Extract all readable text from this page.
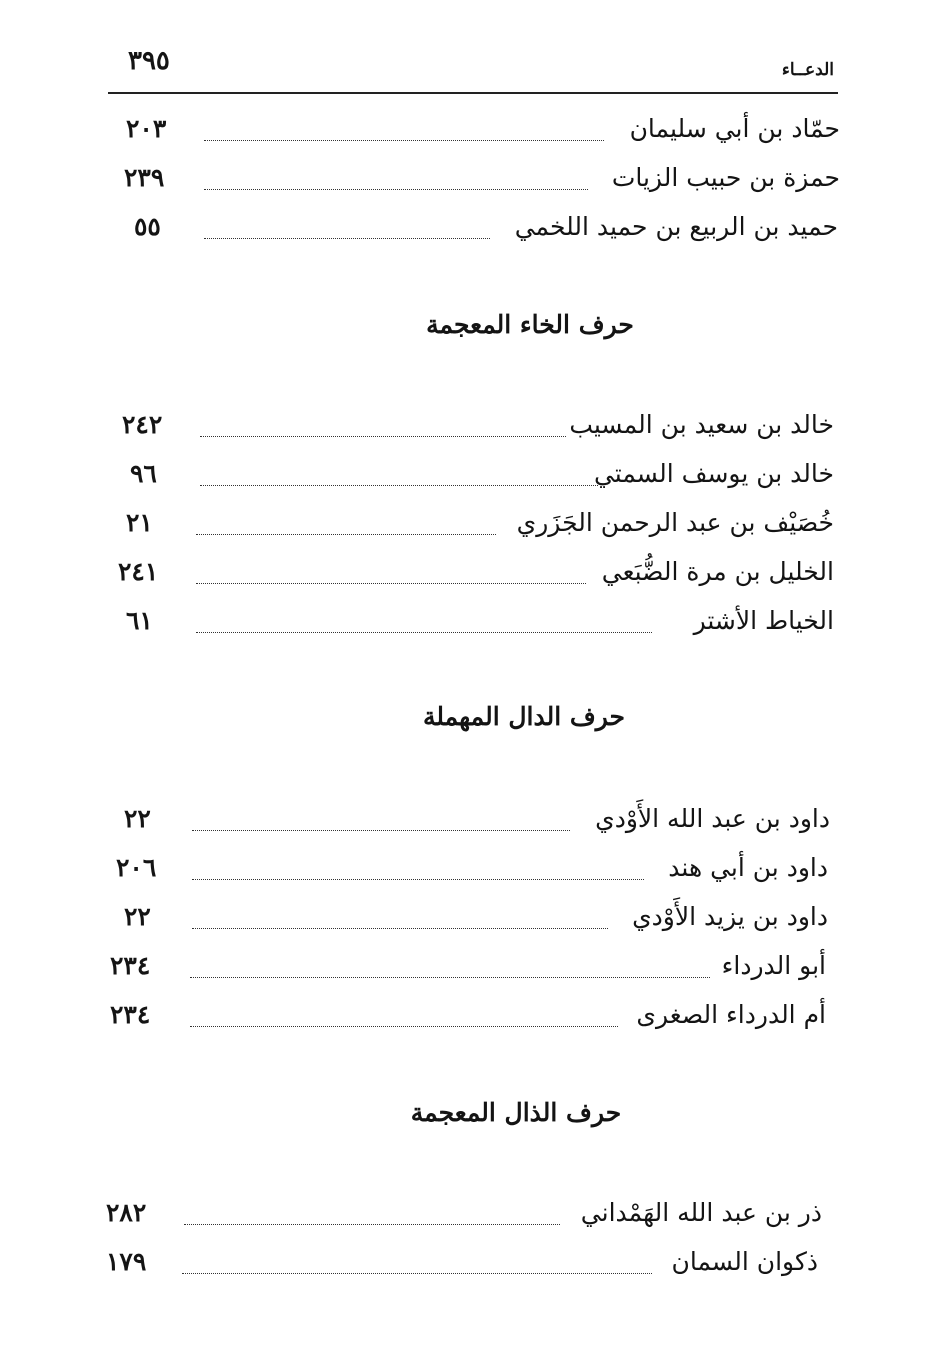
٣٩٥	الدعــاء
٢٠٣	حمّاد بن أبي سليمان
٢٣٩	حمزة بن حبيب الزيات
٥٥	حميد بن الربيع بن حميد اللخمي
حرف الخاء المعجمة
٢٤٢	خالد بن سعيد بن المسيب
٩٦	خالد بن يوسف السمتي
٢١	خُصَيْف بن عبد الرحمن الجَزَري
٢٤١	الخليل بن مرة الضُّبَعي
٦١	الخياط الأشتر
حرف الدال المهملة
٢٢	داود بن عبد الله الأَوْدي
٢٠٦	داود بن أبي هند
٢٢	داود بن يزيد الأَوْدي
٢٣٤	أبو الدرداء
٢٣٤	أم الدرداء الصغرى
حرف الذال المعجمة
٢٨٢	ذر بن عبد الله الهَمْداني
١٧٩	ذكوان السمان
